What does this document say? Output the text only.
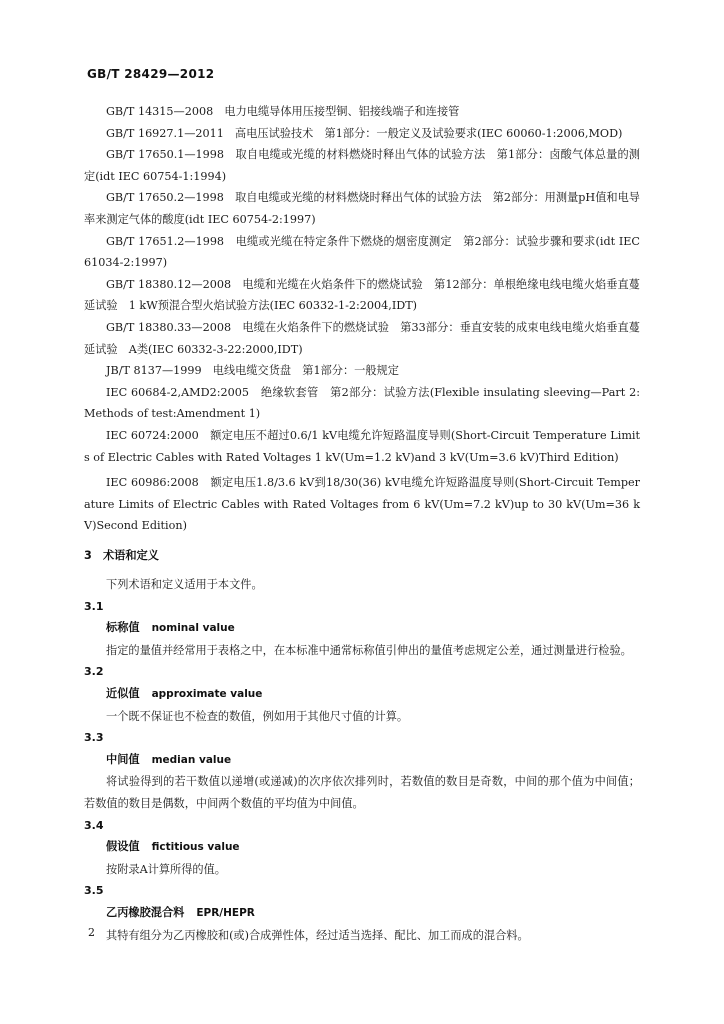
GB/T 28429—2012
GB/T 14315—2008　电力电缆导体用压接型铜、铝接线端子和连接管
GB/T 16927.1—2011　高电压试验技术　第1部分：一般定义及试验要求(IEC 60060-1:2006,MOD)
GB/T 17650.1—1998　取自电缆或光缆的材料燃烧时释出气体的试验方法　第1部分：卤酸气体总量的测定(idt IEC 60754-1:1994)
GB/T 17650.2—1998　取自电缆或光缆的材料燃烧时释出气体的试验方法　第2部分：用测量pH值和电导率来测定气体的酸度(idt IEC 60754-2:1997)
GB/T 17651.2—1998　电缆或光缆在特定条件下燃烧的烟密度测定　第2部分：试验步骤和要求(idt IEC 61034-2:1997)
GB/T 18380.12—2008　电缆和光缆在火焰条件下的燃烧试验　第12部分：单根绝缘电线电缆火焰垂直蔓延试验　1 kW预混合型火焰试验方法(IEC 60332-1-2:2004,IDT)
GB/T 18380.33—2008　电缆在火焰条件下的燃烧试验　第33部分：垂直安装的成束电线电缆火焰垂直蔓延试验　A类(IEC 60332-3-22:2000,IDT)
JB/T 8137—1999　电线电缆交货盘　第1部分：一般规定
IEC 60684-2,AMD2:2005　绝缘软套管　第2部分：试验方法(Flexible insulating sleeving—Part 2:Methods of test:Amendment 1)
IEC 60724:2000　额定电压不超过0.6/1 kV电缆允许短路温度导则(Short-Circuit Temperature Limits of Electric Cables with Rated Voltages 1 kV(Um=1.2 kV)and 3 kV(Um=3.6 kV)Third Edition)
IEC 60986:2008　额定电压1.8/3.6 kV到18/30(36) kV电缆允许短路温度导则(Short-Circuit Temperature Limits of Electric Cables with Rated Voltages from 6 kV(Um=7.2 kV)up to 30 kV(Um=36 kV)Second Edition)
3　术语和定义
下列术语和定义适用于本文件。
3.1
标称值 nominal value
指定的量值并经常用于表格之中，在本标准中通常标称值引伸出的量值考虑规定公差，通过测量进行检验。
3.2
近似值 approximate value
一个既不保证也不检查的数值，例如用于其他尺寸值的计算。
3.3
中间值 median value
将试验得到的若干数值以递增(或递减)的次序依次排列时，若数值的数目是奇数，中间的那个值为中间值；若数值的数目是偶数，中间两个数值的平均值为中间值。
3.4
假设值 fictitious value
按附录A计算所得的值。
3.5
乙丙橡胶混合料 EPR/HEPR
其特有组分为乙丙橡胶和(或)合成弹性体，经过适当选择、配比、加工而成的混合料。
2
